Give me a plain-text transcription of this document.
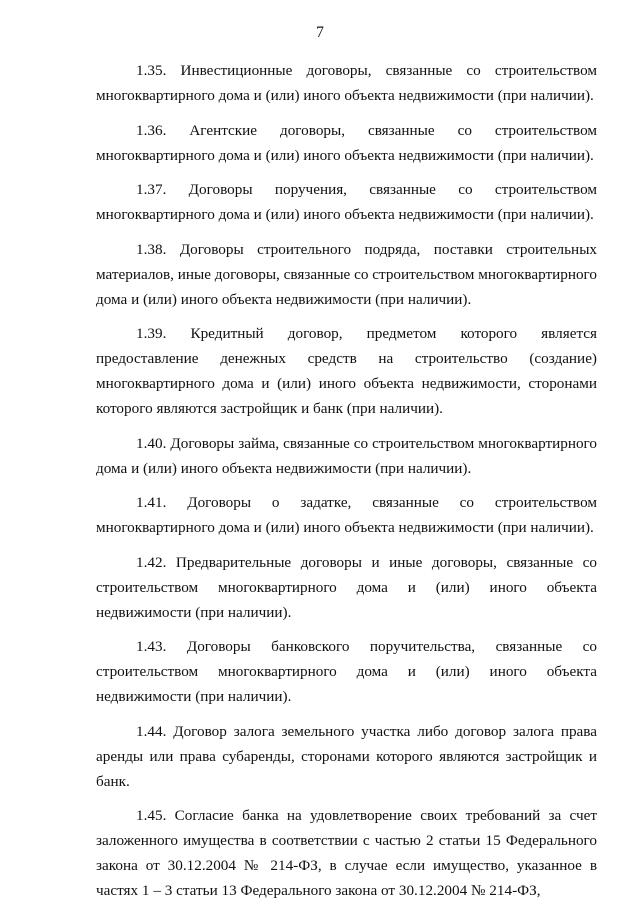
7

1.35. Инвестиционные договоры, связанные со строительством многоквартирного дома и (или) иного объекта недвижимости (при наличии).

1.36. Агентские договоры, связанные со строительством многоквартирного дома и (или) иного объекта недвижимости (при наличии).

1.37. Договоры поручения, связанные со строительством многоквартирного дома и (или) иного объекта недвижимости (при наличии).

1.38. Договоры строительного подряда, поставки строительных материалов, иные договоры, связанные со строительством многоквартирного дома и (или) иного объекта недвижимости (при наличии).

1.39. Кредитный договор, предметом которого является предоставление денежных средств на строительство (создание) многоквартирного дома и (или) иного объекта недвижимости, сторонами которого являются застройщик и банк (при наличии).

1.40. Договоры займа, связанные со строительством многоквартирного дома и (или) иного объекта недвижимости (при наличии).

1.41. Договоры о задатке, связанные со строительством многоквартирного дома и (или) иного объекта недвижимости (при наличии).

1.42. Предварительные договоры и иные договоры, связанные со строительством многоквартирного дома и (или) иного объекта недвижимости (при наличии).

1.43. Договоры банковского поручительства, связанные со строительством многоквартирного дома и (или) иного объекта недвижимости (при наличии).

1.44. Договор залога земельного участка либо договор залога права аренды или права субаренды, сторонами которого являются застройщик и банк.

1.45. Согласие банка на удовлетворение своих требований за счет заложенного имущества в соответствии с частью 2 статьи 15 Федерального закона от 30.12.2004 № 214-ФЗ, в случае если имущество, указанное в частях 1 – 3 статьи 13 Федерального закона от 30.12.2004 № 214-ФЗ,
